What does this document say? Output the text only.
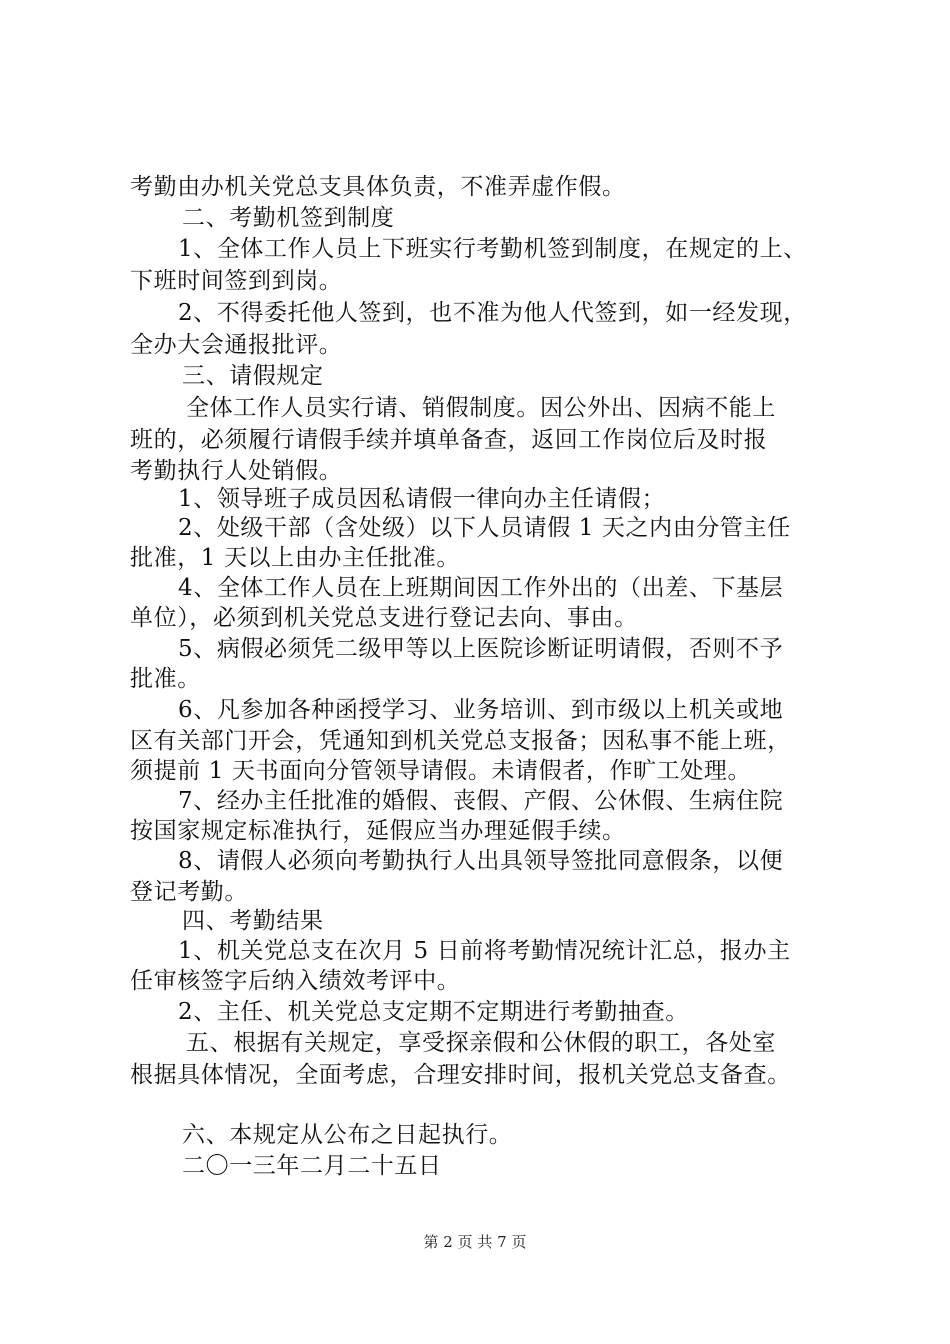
考勤由办机关党总支具体负责，不准弄虚作假。
二、考勤机签到制度
1、全体工作人员上下班实行考勤机签到制度，在规定的上、
下班时间签到到岗。
2、不得委托他人签到，也不准为他人代签到，如一经发现，
全办大会通报批评。
三、请假规定
全体工作人员实行请、销假制度。因公外出、因病不能上
班的，必须履行请假手续并填单备查，返回工作岗位后及时报
考勤执行人处销假。
1、领导班子成员因私请假一律向办主任请假；
2、处级干部（含处级）以下人员请假 1 天之内由分管主任
批准，1 天以上由办主任批准。
4、全体工作人员在上班期间因工作外出的（出差、下基层
单位），必须到机关党总支进行登记去向、事由。
5、病假必须凭二级甲等以上医院诊断证明请假，否则不予
批准。
6、凡参加各种函授学习、业务培训、到市级以上机关或地
区有关部门开会，凭通知到机关党总支报备；因私事不能上班，
须提前 1 天书面向分管领导请假。未请假者，作旷工处理。
7、经办主任批准的婚假、丧假、产假、公休假、生病住院
按国家规定标准执行，延假应当办理延假手续。
8、请假人必须向考勤执行人出具领导签批同意假条，以便
登记考勤。
四、考勤结果
1、机关党总支在次月 5 日前将考勤情况统计汇总，报办主
任审核签字后纳入绩效考评中。
2、主任、机关党总支定期不定期进行考勤抽查。
五、根据有关规定，享受探亲假和公休假的职工，各处室
根据具体情况，全面考虑，合理安排时间，报机关党总支备查。
六、本规定从公布之日起执行。
二〇一三年二月二十五日
第 2 页 共 7 页
